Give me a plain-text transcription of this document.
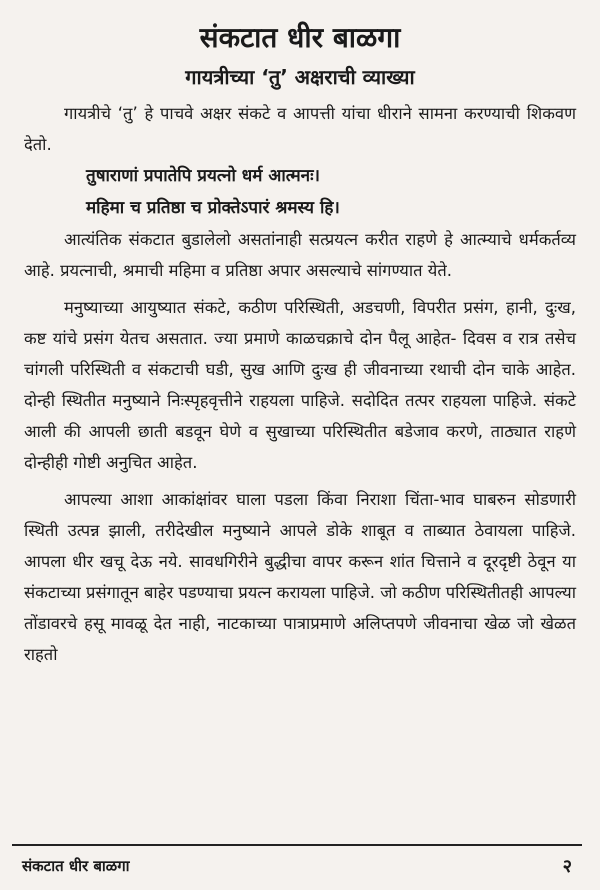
संकटात धीर बाळगा
गायत्रीच्या ‘तु’ अक्षराची व्याख्या

गायत्रीचे ‘तु’ हे पाचवे अक्षर संकटे व आपत्ती यांचा धीराने सामना करण्याची शिकवण देतो.

तुषाराणां प्रपातेपि प्रयत्नो धर्म आत्मनः।

महिमा च प्रतिष्ठा च प्रोक्तेऽपारं श्रमस्य हि।

आत्यंतिक संकटात बुडालेलो असतांनाही सत्प्रयत्न करीत राहणे हे आत्म्याचे धर्मकर्तव्य आहे. प्रयत्नाची, श्रमाची महिमा व प्रतिष्ठा अपार असल्याचे सांगण्यात येते.

मनुष्याच्या आयुष्यात संकटे, कठीण परिस्थिती, अडचणी, विपरीत प्रसंग, हानी, दुःख, कष्ट यांचे प्रसंग येतच असतात. ज्या प्रमाणे काळचक्राचे दोन पैलू आहेत- दिवस व रात्र तसेच चांगली परिस्थिती व संकटाची घडी, सुख आणि दुःख ही जीवनाच्या रथाची दोन चाके आहेत. दोन्ही स्थितीत मनुष्याने निःस्पृहवृत्तीने राहयला पाहिजे. सदोदित तत्पर राहयला पाहिजे. संकटे आली की आपली छाती बडवून घेणे व सुखाच्या परिस्थितीत बडेजाव करणे, ताठ्यात राहणे दोन्हीही गोष्टी अनुचित आहेत.

आपल्या आशा आकांक्षांवर घाला पडला किंवा निराशा चिंता-भाव घाबरुन सोडणारी स्थिती उत्पन्न झाली, तरीदेखील मनुष्याने आपले डोके शाबूत व ताब्यात ठेवायला पाहिजे. आपला धीर खचू देऊ नये. सावधगिरीने बुद्धीचा वापर करून शांत चित्ताने व दूरदृष्टी ठेवून या संकटाच्या प्रसंगातून बाहेर पडण्याचा प्रयत्न करायला पाहिजे. जो कठीण परिस्थितीतही आपल्या तोंडावरचे हसू मावळू देत नाही, नाटकाच्या पात्राप्रमाणे अलिप्तपणे जीवनाचा खेळ जो खेळत राहतो

संकटात धीर बाळगा	२
